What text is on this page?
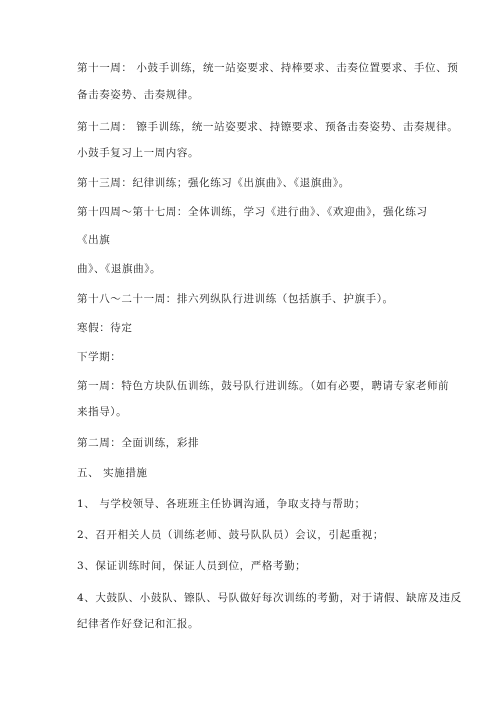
第十一周： 小鼓手训练，统一站姿要求、持棒要求、击奏位置要求、手位、预
备击奏姿势、击奏规律。
第十二周： 镲手训练，统一站姿要求、持镲要求、预备击奏姿势、击奏规律。
小鼓手复习上一周内容。
第十三周：纪律训练；强化练习《出旗曲》、《退旗曲》。
第十四周～第十七周：全体训练，学习《进行曲》、《欢迎曲》，强化练习
《出旗
曲》、《退旗曲》。
第十八～二十一周：排六列纵队行进训练（包括旗手、护旗手）。
寒假：待定
下学期：
第一周：特色方块队伍训练，鼓号队行进训练。（如有必要，聘请专家老师前
来指导）。
第二周：全面训练，彩排
五、 实施措施
1、 与学校领导、各班班主任协调沟通，争取支持与帮助；
2、召开相关人员（训练老师、鼓号队队员）会议，引起重视；
3、保证训练时间，保证人员到位，严格考勤；
4、大鼓队、小鼓队、镲队、号队做好每次训练的考勤，对于请假、缺席及违反
纪律者作好登记和汇报。
